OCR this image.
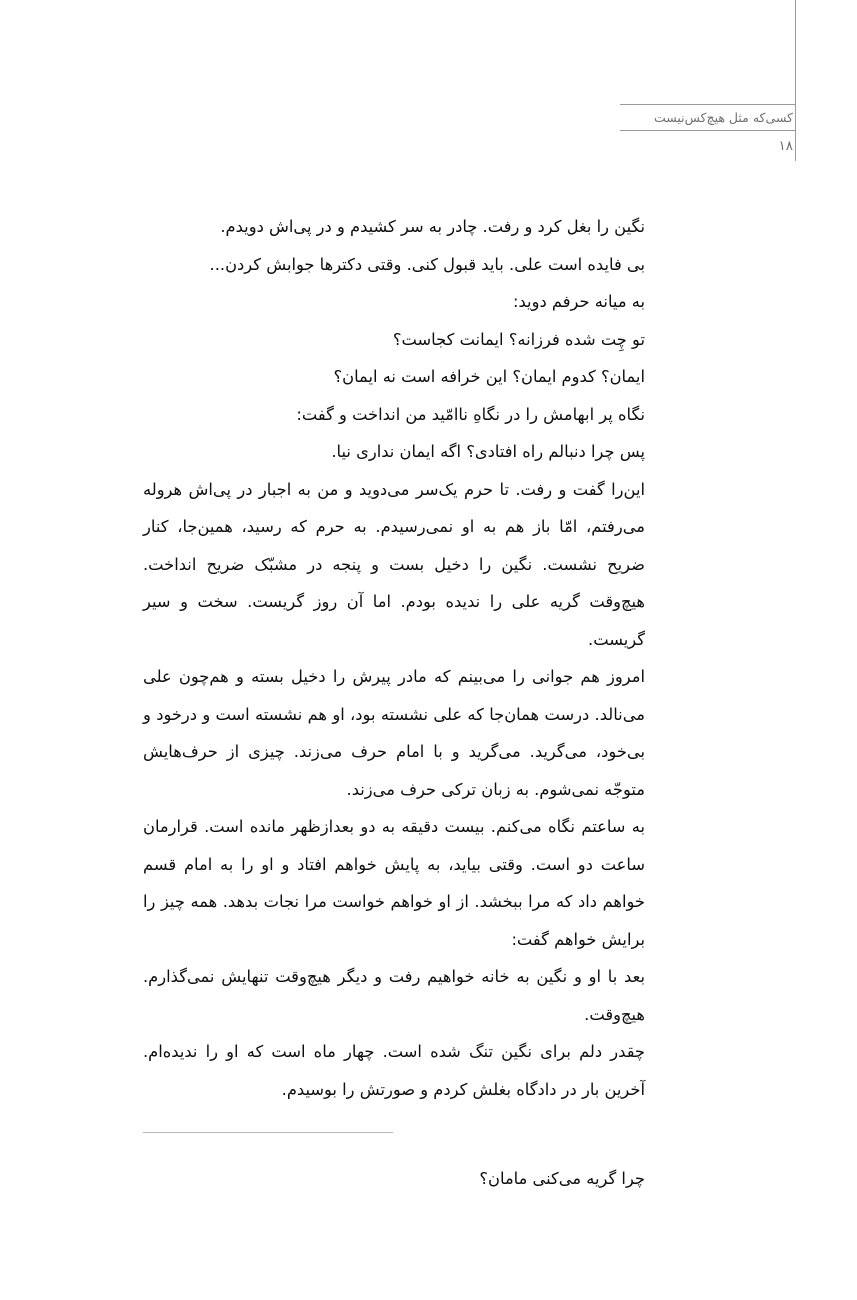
کسی‌که مثل هیچ‌کس‌نیست
۱۸

نگین را بغل کرد و رفت. چادر به سر کشیدم و در پی‌اش دویدم.

بی فایده است علی. باید قبول کنی. وقتی دکترها جوابش کردن...

به میانه حرفم دوید:

تو چِت شده فرزانه؟ ایمانت کجاست؟

ایمان؟ کدوم ایمان؟ این خرافه است نه ایمان؟

نگاه پر ابهامش را در نگاهِ ناامّید من انداخت و گفت:

پس چرا دنبالم راه افتادی؟ اگه ایمان نداری نیا.

این‌را گفت و رفت. تا حرم یک‌سر می‌دوید و من به اجبار در پی‌اش هروله می‌رفتم، امّا باز هم به او نمی‌رسیدم. به حرم که رسید، همین‌جا، کنار ضریح نشست. نگین را دخیل بست و پنجه در مشبّک ضریح انداخت. هیچ‌وقت گریه علی را ندیده بودم. اما آن روز گریست. سخت و سیر گریست.

امروز هم جوانی را می‌بینم که مادر پیرش را دخیل بسته و هم‌چون علی می‌نالد. درست همان‌جا که علی نشسته بود، او هم نشسته است و درخود و بی‌خود، می‌گرید. می‌گرید و با امام حرف می‌زند. چیزی از حرف‌هایش متوجّه نمی‌شوم. به زبان ترکی حرف می‌زند.

به ساعتم نگاه می‌کنم. بیست دقیقه به دو بعدازظهر مانده است. قرارمان ساعت دو است. وقتی بیاید، به پایش خواهم افتاد و او را به امام قسم خواهم داد که مرا ببخشد. از او خواهم خواست مرا نجات بدهد. همه چیز را برایش خواهم گفت:

بعد با او و نگین به خانه خواهیم رفت و دیگر هیچ‌وقت تنهایش نمی‌گذارم. هیچ‌وقت.

چقدر دلم برای نگین تنگ شده است. چهار ماه است که او را ندیده‌ام. آخرین بار در دادگاه بغلش کردم و صورتش را بوسیدم.

چرا گریه می‌کنی مامان؟
